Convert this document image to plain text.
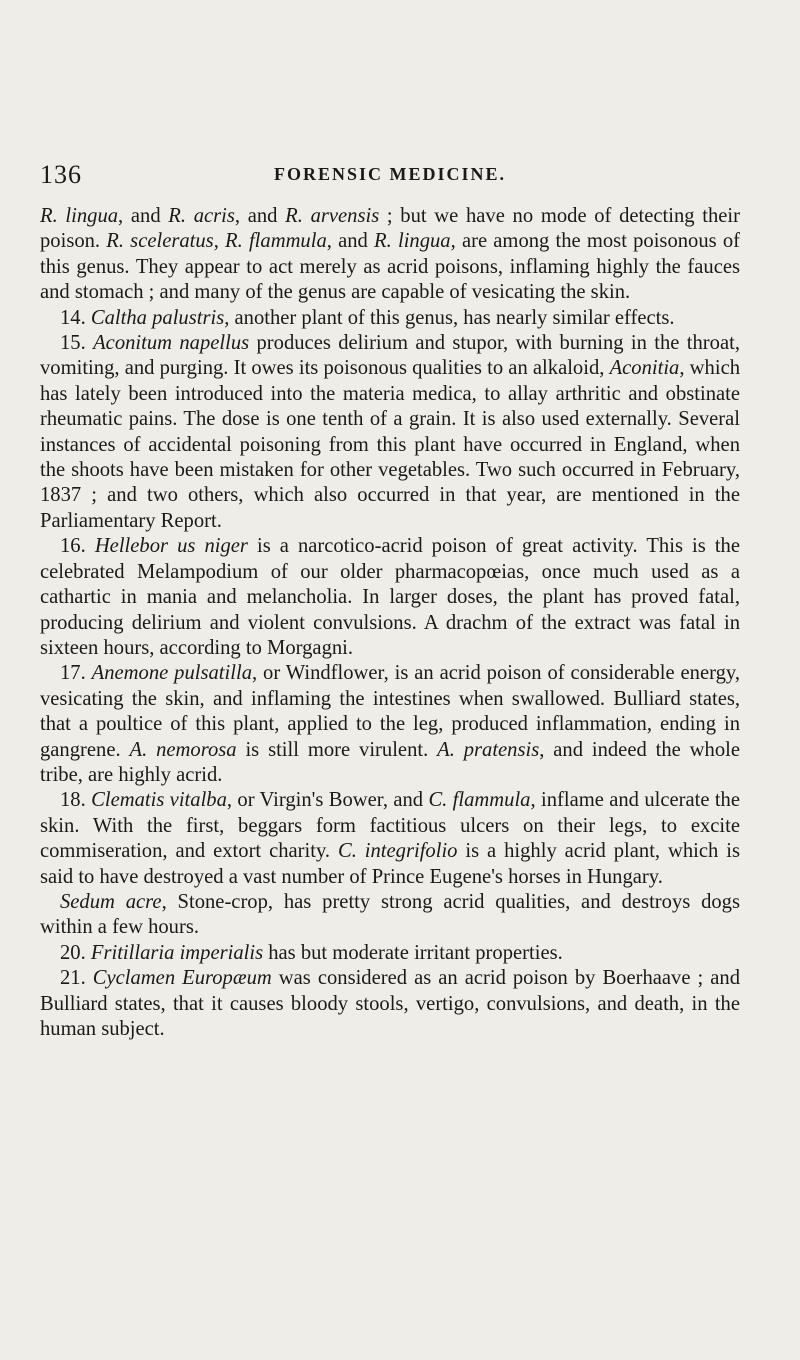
136	FORENSIC MEDICINE.

R. lingua, and R. acris, and R. arvensis ; but we have no mode of detecting their poison. R. sceleratus, R. flammula, and R. lingua, are among the most poisonous of this genus. They appear to act merely as acrid poisons, inflaming highly the fauces and stomach ; and many of the genus are capable of vesicating the skin.

14. Caltha palustris, another plant of this genus, has nearly similar effects.

15. Aconitum napellus produces delirium and stupor, with burning in the throat, vomiting, and purging. It owes its poisonous qualities to an alkaloid, Aconitia, which has lately been introduced into the materia medica, to allay arthritic and obstinate rheumatic pains. The dose is one tenth of a grain. It is also used externally. Several instances of accidental poisoning from this plant have occurred in England, when the shoots have been mistaken for other vegetables. Two such occurred in February, 1837 ; and two others, which also occurred in that year, are mentioned in the Parliamentary Report.

16. Hellebor us niger is a narcotico-acrid poison of great activity. This is the celebrated Melampodium of our older pharmacopœias, once much used as a cathartic in mania and melancholia. In larger doses, the plant has proved fatal, producing delirium and violent convulsions. A drachm of the extract was fatal in sixteen hours, according to Morgagni.

17. Anemone pulsatilla, or Windflower, is an acrid poison of considerable energy, vesicating the skin, and inflaming the intestines when swallowed. Bulliard states, that a poultice of this plant, applied to the leg, produced inflammation, ending in gangrene. A. nemorosa is still more virulent. A. pratensis, and indeed the whole tribe, are highly acrid.

18. Clematis vitalba, or Virgin's Bower, and C. flammula, inflame and ulcerate the skin. With the first, beggars form factitious ulcers on their legs, to excite commiseration, and extort charity. C. integrifolio is a highly acrid plant, which is said to have destroyed a vast number of Prince Eugene's horses in Hungary.

Sedum acre, Stone-crop, has pretty strong acrid qualities, and destroys dogs within a few hours.

20. Fritillaria imperialis has but moderate irritant properties.

21. Cyclamen Europæum was considered as an acrid poison by Boerhaave ; and Bulliard states, that it causes bloody stools, vertigo, convulsions, and death, in the human subject.
